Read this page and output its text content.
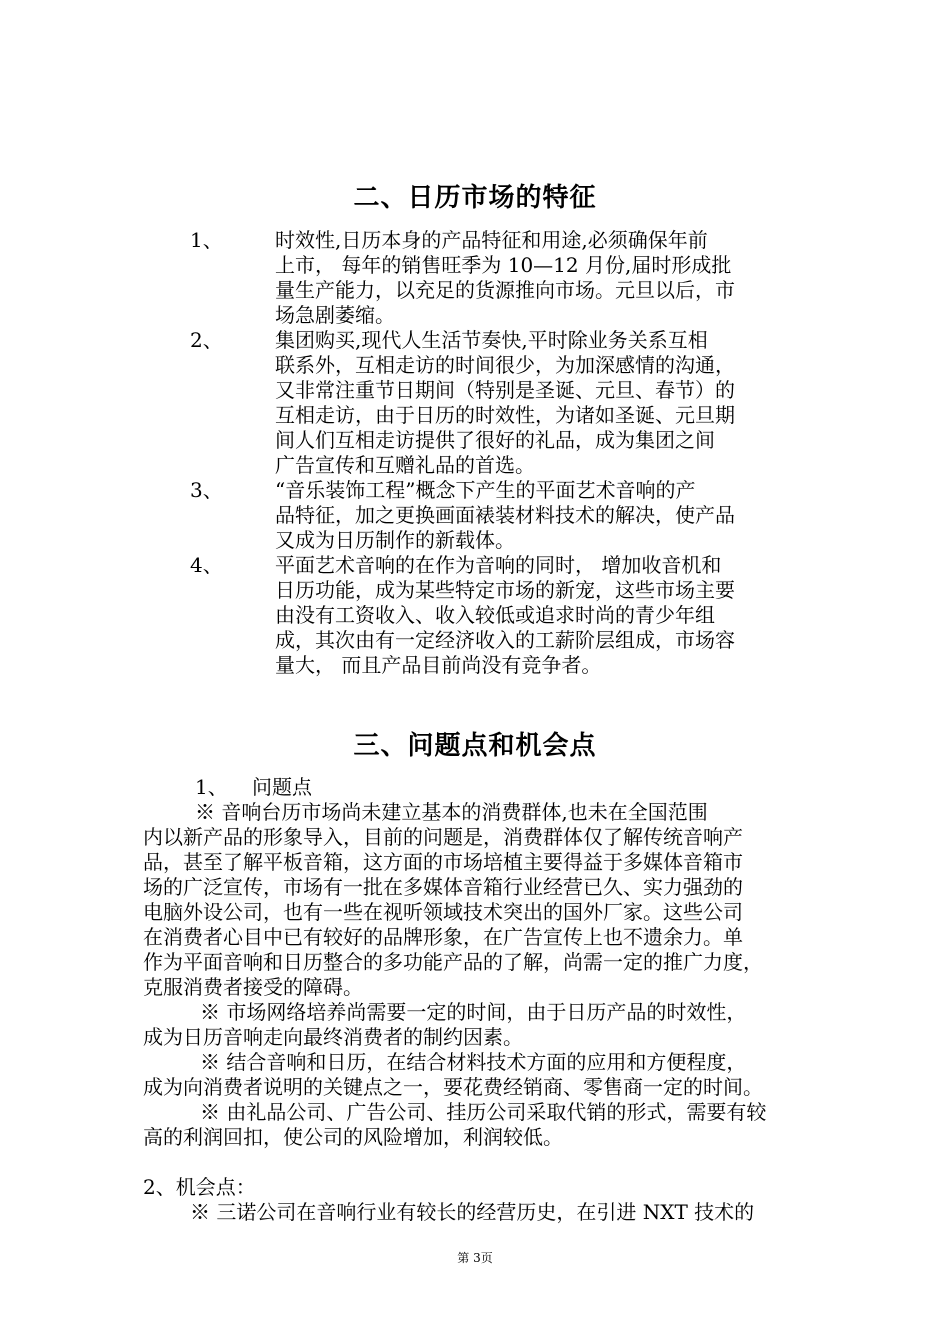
二、日历市场的特征
1、	时效性,日历本身的产品特征和用途,必须确保年前
上市， 每年的销售旺季为 10—12 月份,届时形成批
量生产能力，以充足的货源推向市场。元旦以后，市
场急剧萎缩。
2、	集团购买,现代人生活节奏快,平时除业务关系互相
联系外，互相走访的时间很少，为加深感情的沟通，
又非常注重节日期间（特别是圣诞、元旦、春节）的
互相走访，由于日历的时效性，为诸如圣诞、元旦期
间人们互相走访提供了很好的礼品，成为集团之间
广告宣传和互赠礼品的首选。
3、	“音乐装饰工程”概念下产生的平面艺术音响的产
品特征，加之更换画面裱装材料技术的解决，使产品
又成为日历制作的新载体。
4、	平面艺术音响的在作为音响的同时， 增加收音机和
日历功能，成为某些特定市场的新宠，这些市场主要
由没有工资收入、收入较低或追求时尚的青少年组
成，其次由有一定经济收入的工薪阶层组成，市场容
量大， 而且产品目前尚没有竞争者。
三、问题点和机会点
1、 问题点
※ 音响台历市场尚未建立基本的消费群体,也未在全国范围
内以新产品的形象导入，目前的问题是，消费群体仅了解传统音响产
品，甚至了解平板音箱，这方面的市场培植主要得益于多媒体音箱市
场的广泛宣传，市场有一批在多媒体音箱行业经营已久、实力强劲的
电脑外设公司，也有一些在视听领域技术突出的国外厂家。这些公司
在消费者心目中已有较好的品牌形象，在广告宣传上也不遗余力。单
作为平面音响和日历整合的多功能产品的了解，尚需一定的推广力度，
克服消费者接受的障碍。
※ 市场网络培养尚需要一定的时间，由于日历产品的时效性，
成为日历音响走向最终消费者的制约因素。
※ 结合音响和日历，在结合材料技术方面的应用和方便程度，
成为向消费者说明的关键点之一，要花费经销商、零售商一定的时间。
※ 由礼品公司、广告公司、挂历公司采取代销的形式，需要有较
高的利润回扣，使公司的风险增加，利润较低。
2、机会点：
※ 三诺公司在音响行业有较长的经营历史，在引进 NXT 技术的
第 3页
